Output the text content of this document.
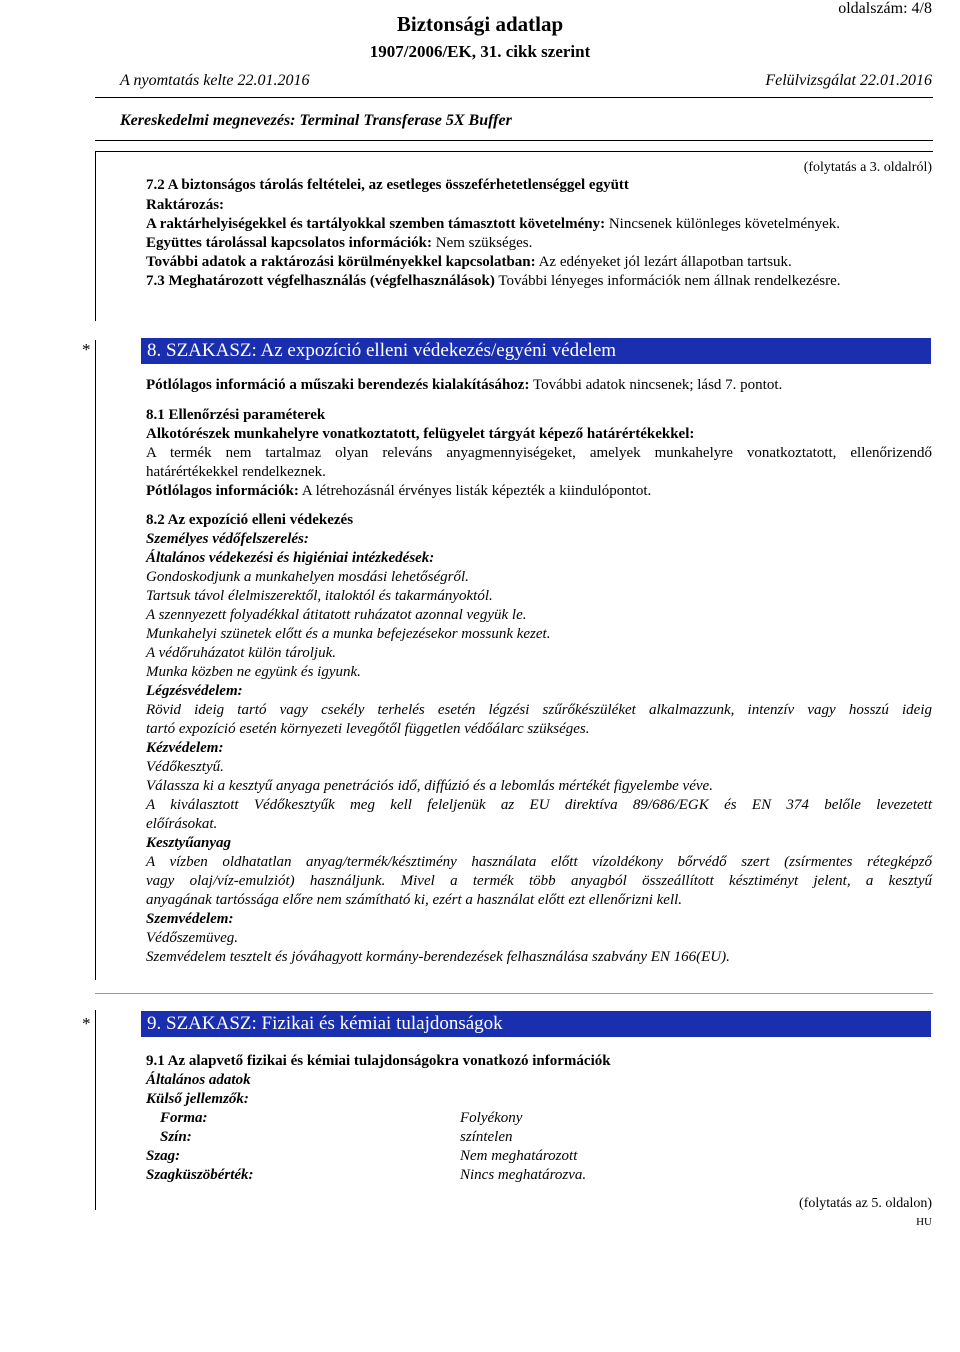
oldalszám: 4/8
Biztonsági adatlap
1907/2006/EK, 31. cikk szerint
A nyomtatás kelte 22.01.2016	Felülvizsgálat 22.01.2016
Kereskedelmi megnevezés: Terminal Transferase 5X Buffer
(folytatás a 3. oldalról)
7.2 A biztonságos tárolás feltételei, az esetleges összeférhetetlenséggel együtt
Raktározás:
A raktárhelyiségekkel és tartályokkal szemben támasztott követelmény: Nincsenek különleges követelmények.
Együttes tárolással kapcsolatos információk: Nem szükséges.
További adatok a raktározási körülményekkel kapcsolatban: Az edényeket jól lezárt állapotban tartsuk.
7.3 Meghatározott végfelhasználás (végfelhasználások) További lényeges információk nem állnak rendelkezésre.
*	8. SZAKASZ: Az expozíció elleni védekezés/egyéni védelem
Pótlólagos információ a műszaki berendezés kialakításához: További adatok nincsenek; lásd 7. pontot.
8.1 Ellenőrzési paraméterek
Alkotórészek munkahelyre vonatkoztatott, felügyelet tárgyát képező határértékekkel:
A termék nem tartalmaz olyan releváns anyagmennyiségeket, amelyek munkahelyre vonatkoztatott, ellenőrizendő
határértékekkel rendelkeznek.
Pótlólagos információk: A létrehozásnál érvényes listák képezték a kiindulópontot.
8.2 Az expozíció elleni védekezés
Személyes védőfelszerelés:
Általános védekezési és higiéniai intézkedések:
Gondoskodjunk a munkahelyen mosdási lehetőségről.
Tartsuk távol élelmiszerektől, italoktól és takarmányoktól.
A szennyezett folyadékkal átitatott ruházatot azonnal vegyük le.
Munkahelyi szünetek előtt és a munka befejezésekor mossunk kezet.
A védőruházatot külön tároljuk.
Munka közben ne együnk és igyunk.
Légzésvédelem:
Rövid ideig tartó vagy csekély terhelés esetén légzési szűrőkészüléket alkalmazzunk, intenzív vagy hosszú ideig
tartó expozíció esetén környezeti levegőtől független védőálarc szükséges.
Kézvédelem:
Védőkesztyű.
Válassza ki a kesztyű anyaga penetrációs idő, diffúzió és a lebomlás mértékét figyelembe véve.
A kiválasztott Védőkesztyűk meg kell feleljenük az EU direktíva 89/686/EGK és EN 374 belőle levezetett
előírásokat.
Kesztyűanyag
A vízben oldhatatlan anyag/termék/késztimény használata előtt vízoldékony bőrvédő szert (zsírmentes rétegképző
vagy olaj/víz-emulziót) használjunk. Mivel a termék több anyagból összeállított késztiményt jelent, a kesztyű
anyagának tartóssága előre nem számítható ki, ezért a használat előtt ezt ellenőrizni kell.
Szemvédelem:
Védőszemüveg.
Szemvédelem tesztelt és jóváhagyott kormány-berendezések felhasználása szabvány EN 166(EU).
*	9. SZAKASZ: Fizikai és kémiai tulajdonságok
9.1 Az alapvető fizikai és kémiai tulajdonságokra vonatkozó információk
Általános adatok
Külső jellemzők:
Forma:	Folyékony
Szín:	színtelen
Szag:	Nem meghatározott
Szagküszöbérték:	Nincs meghatározva.
(folytatás az 5. oldalon)
HU
